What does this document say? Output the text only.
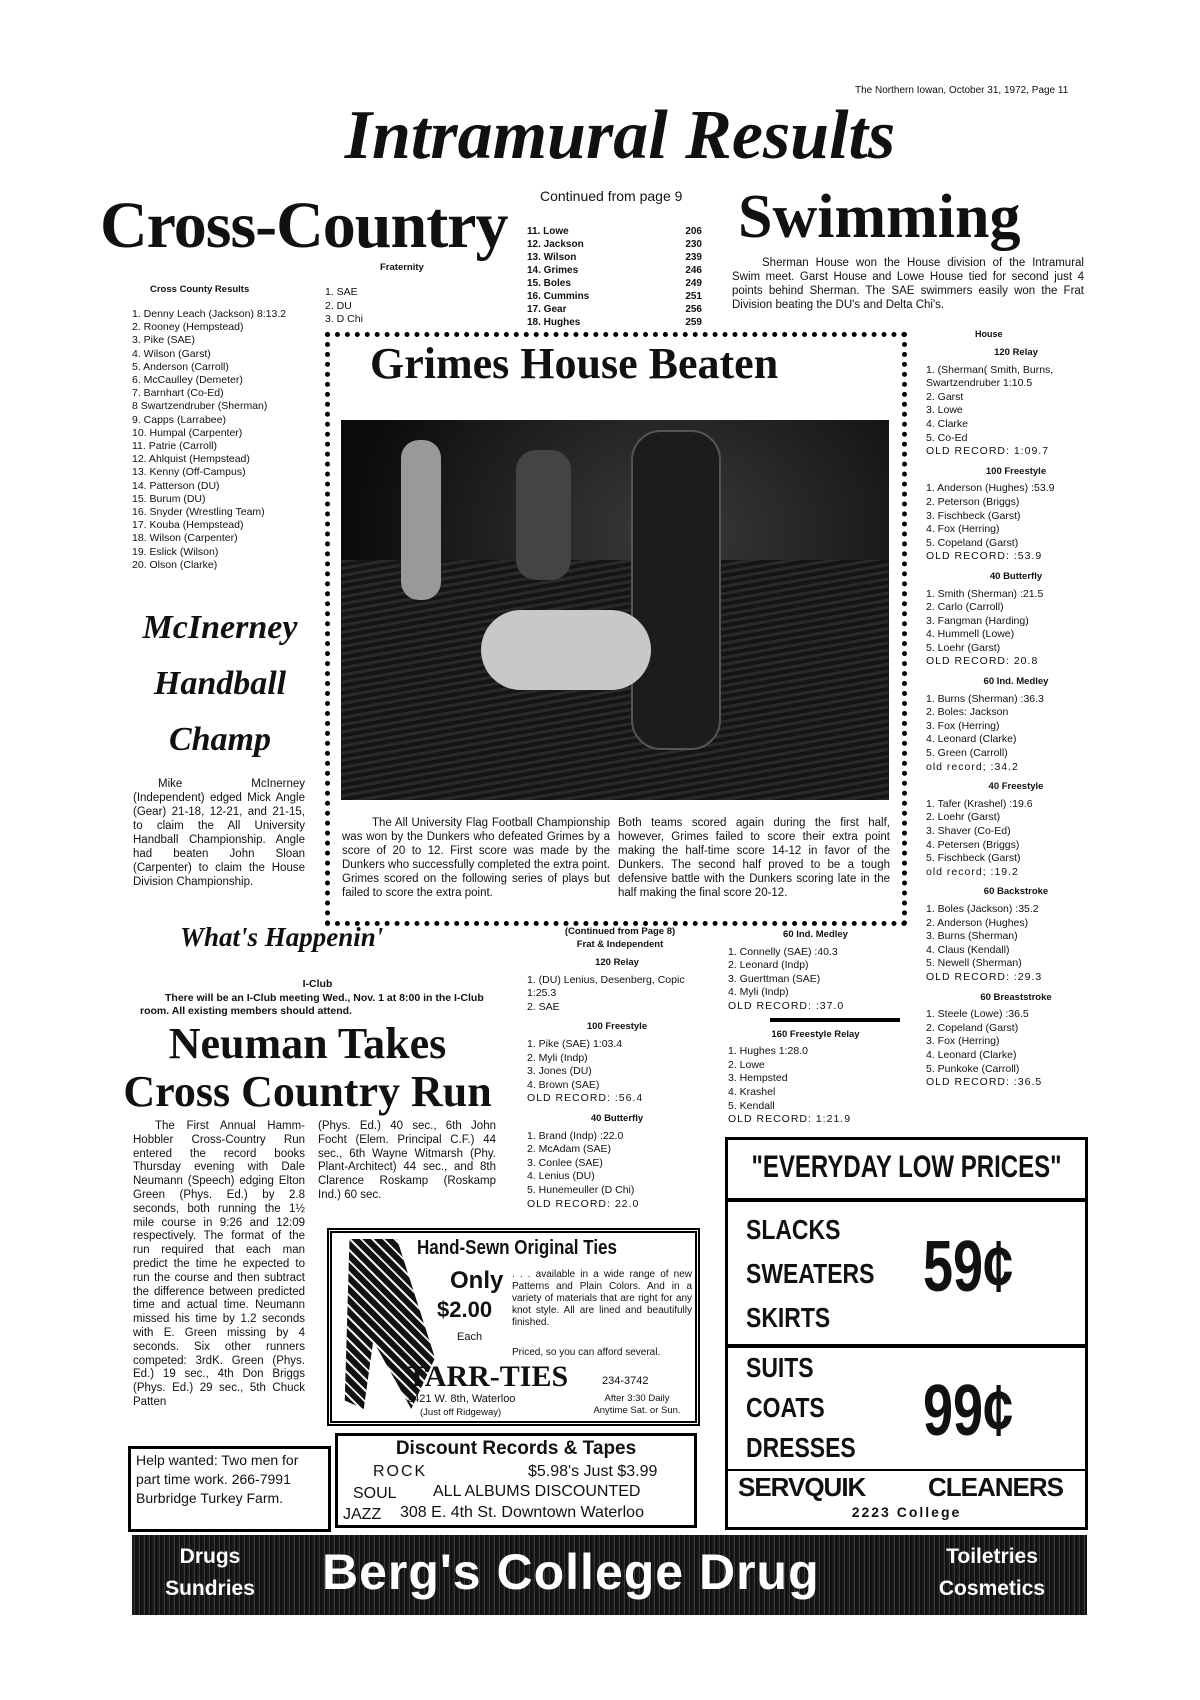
The Northern Iowan, October 31, 1972, Page 11
Intramural Results
Cross-Country
Cross County Results
1. Denny Leach (Jackson) 8:13.2
2. Rooney (Hempstead)
3. Pike (SAE)
4. Wilson (Garst)
5. Anderson (Carroll)
6. McCaulley (Demeter)
7. Barnhart (Co-Ed)
8 Swartzendruber (Sherman)
9. Capps (Larrabee)
10. Humpal (Carpenter)
11. Patrie (Carroll)
12. Ahlquist (Hempstead)
13. Kenny (Off-Campus)
14. Patterson (DU)
15. Burum (DU)
16. Snyder (Wrestling Team)
17. Kouba (Hempstead)
18. Wilson (Carpenter)
19. Eslick (Wilson)
20. Olson (Clarke)
Fraternity
1. SAE
2. DU
3. D Chi
Continued from page 9
11. Lowe	206
12. Jackson	230
13. Wilson	239
14. Grimes	246
15. Boles	249
16. Cummins	251
17. Gear	256
18. Hughes	259
Swimming
Sherman House won the House division of the Intramural Swim meet. Garst House and Lowe House tied for second just 4 points behind Sherman. The SAE swimmers easily won the Frat Division beating the DU's and Delta Chi's.
House
120 Relay
1. (Sherman( Smith, Burns, Swartzendruber 1:10.5
2. Garst
3. Lowe
4. Clarke
5. Co-Ed
OLD RECORD: 1:09.7
100 Freestyle
1. Anderson (Hughes) :53.9
2. Peterson (Briggs)
3. Fischbeck (Garst)
4. Fox (Herring)
5. Copeland (Garst)
OLD RECORD: :53.9
40 Butterfly
1. Smith (Sherman) :21.5
2. Carlo (Carroll)
3. Fangman (Harding)
4. Hummell (Lowe)
5. Loehr (Garst)
OLD RECORD: 20.8
60 Ind. Medley
1. Burns (Sherman) :36.3
2. Boles: Jackson
3. Fox (Herring)
4. Leonard (Clarke)
5. Green (Carroll)
old record; :34.2
40 Freestyle
1. Tafer (Krashel) :19.6
2. Loehr (Garst)
3. Shaver (Co-Ed)
4. Petersen (Briggs)
5. Fischbeck (Garst)
old record; :19.2
60 Backstroke
1. Boles (Jackson) :35.2
2. Anderson (Hughes)
3. Burns (Sherman)
4. Claus (Kendall)
5. Newell (Sherman)
OLD RECORD: :29.3
60 Breaststroke
1. Steele (Lowe) :36.5
2. Copeland (Garst)
3. Fox (Herring)
4. Leonard (Clarke)
5. Punkoke (Carroll)
OLD RECORD: :36.5
Grimes House Beaten
The All University Flag Football Championship was won by the Dunkers who defeated Grimes by a score of 20 to 12. First score was made by the Dunkers who successfully completed the extra point. Grimes scored on the following series of plays but failed to score the extra point.
Both teams scored again during the first half, however, Grimes failed to score their extra point making the half-time score 14-12 in favor of the Dunkers. The second half proved to be a tough defensive battle with the Dunkers scoring late in the half making the final score 20-12.
McInerney
Handball
Champ
Mike McInerney (Independent) edged Mick Angle (Gear) 21-18, 12-21, and 21-15, to claim the All University Handball Championship. Angle had beaten John Sloan (Carpenter) to claim the House Division Championship.
What's Happenin'
I-Club
There will be an I-Club meeting Wed., Nov. 1 at 8:00 in the I-Club room. All existing members should attend.
Neuman Takes
Cross Country Run
The First Annual Hamm-Hobbler Cross-Country Run entered the record books Thursday evening with Dale Neumann (Speech) edging Elton Green (Phys. Ed.) by 2.8 seconds, both running the 1½ mile course in 9:26 and 12:09 respectively. The format of the run required that each man predict the time he expected to run the course and then subtract the difference between predicted time and actual time. Neumann missed his time by 1.2 seconds with E. Green missing by 4 seconds. Six other runners competed: 3rdK. Green (Phys. Ed.) 19 sec., 4th Don Briggs (Phys. Ed.) 29 sec., 5th Chuck Patten
(Phys. Ed.) 40 sec., 6th John Focht (Elem. Principal C.F.) 44 sec., 6th Wayne Witmarsh (Phy. Plant-Architect) 44 sec., and 8th Clarence Roskamp (Roskamp Ind.) 60 sec.
Help wanted: Two men for part time work. 266-7991 Burbridge Turkey Farm.
(Continued from Page 8)
Frat & Independent
120 Relay
1. (DU) Lenius, Desenberg, Copic 1:25.3
2. SAE
100 Freestyle
1. Pike (SAE) 1:03.4
2. Myli (Indp)
3. Jones (DU)
4. Brown (SAE)
OLD RECORD: :56.4
40 Butterfly
1. Brand (Indp) :22.0
2. McAdam (SAE)
3. Conlee (SAE)
4. Lenius (DU)
5. Hunemeuller (D Chi)
OLD RECORD: 22.0
60 Ind. Medley
1. Connelly (SAE) :40.3
2. Leonard (Indp)
3. Guerttman (SAE)
4. Myli (Indp)
OLD RECORD: :37.0
160 Freestyle Relay
1. Hughes 1:28.0
2. Lowe
3. Hempsted
4. Krashel
5. Kendall
OLD RECORD: 1:21.9
Hand-Sewn Original Ties
Only
$2.00
Each
. . . available in a wide range of new Patterns and Plain Colors. And in a variety of materials that are right for any knot style. All are lined and beautifully finished.
Priced, so you can afford several.
TARR-TIES
2421 W. 8th, Waterloo
(Just off Ridgeway)
234-3742
After 3:30 Daily
Anytime Sat. or Sun.
Discount Records & Tapes
ROCK	$5.98's Just $3.99
SOUL ALL ALBUMS DISCOUNTED
JAZZ 308 E. 4th St. Downtown Waterloo
"EVERYDAY LOW PRICES"
SLACKS
SWEATERS
SKIRTS
59¢
SUITS
COATS
DRESSES 99¢
SERVQUIK CLEANERS
2223 College
Drugs
Sundries Berg's College Drug	Toiletries
Cosmetics
